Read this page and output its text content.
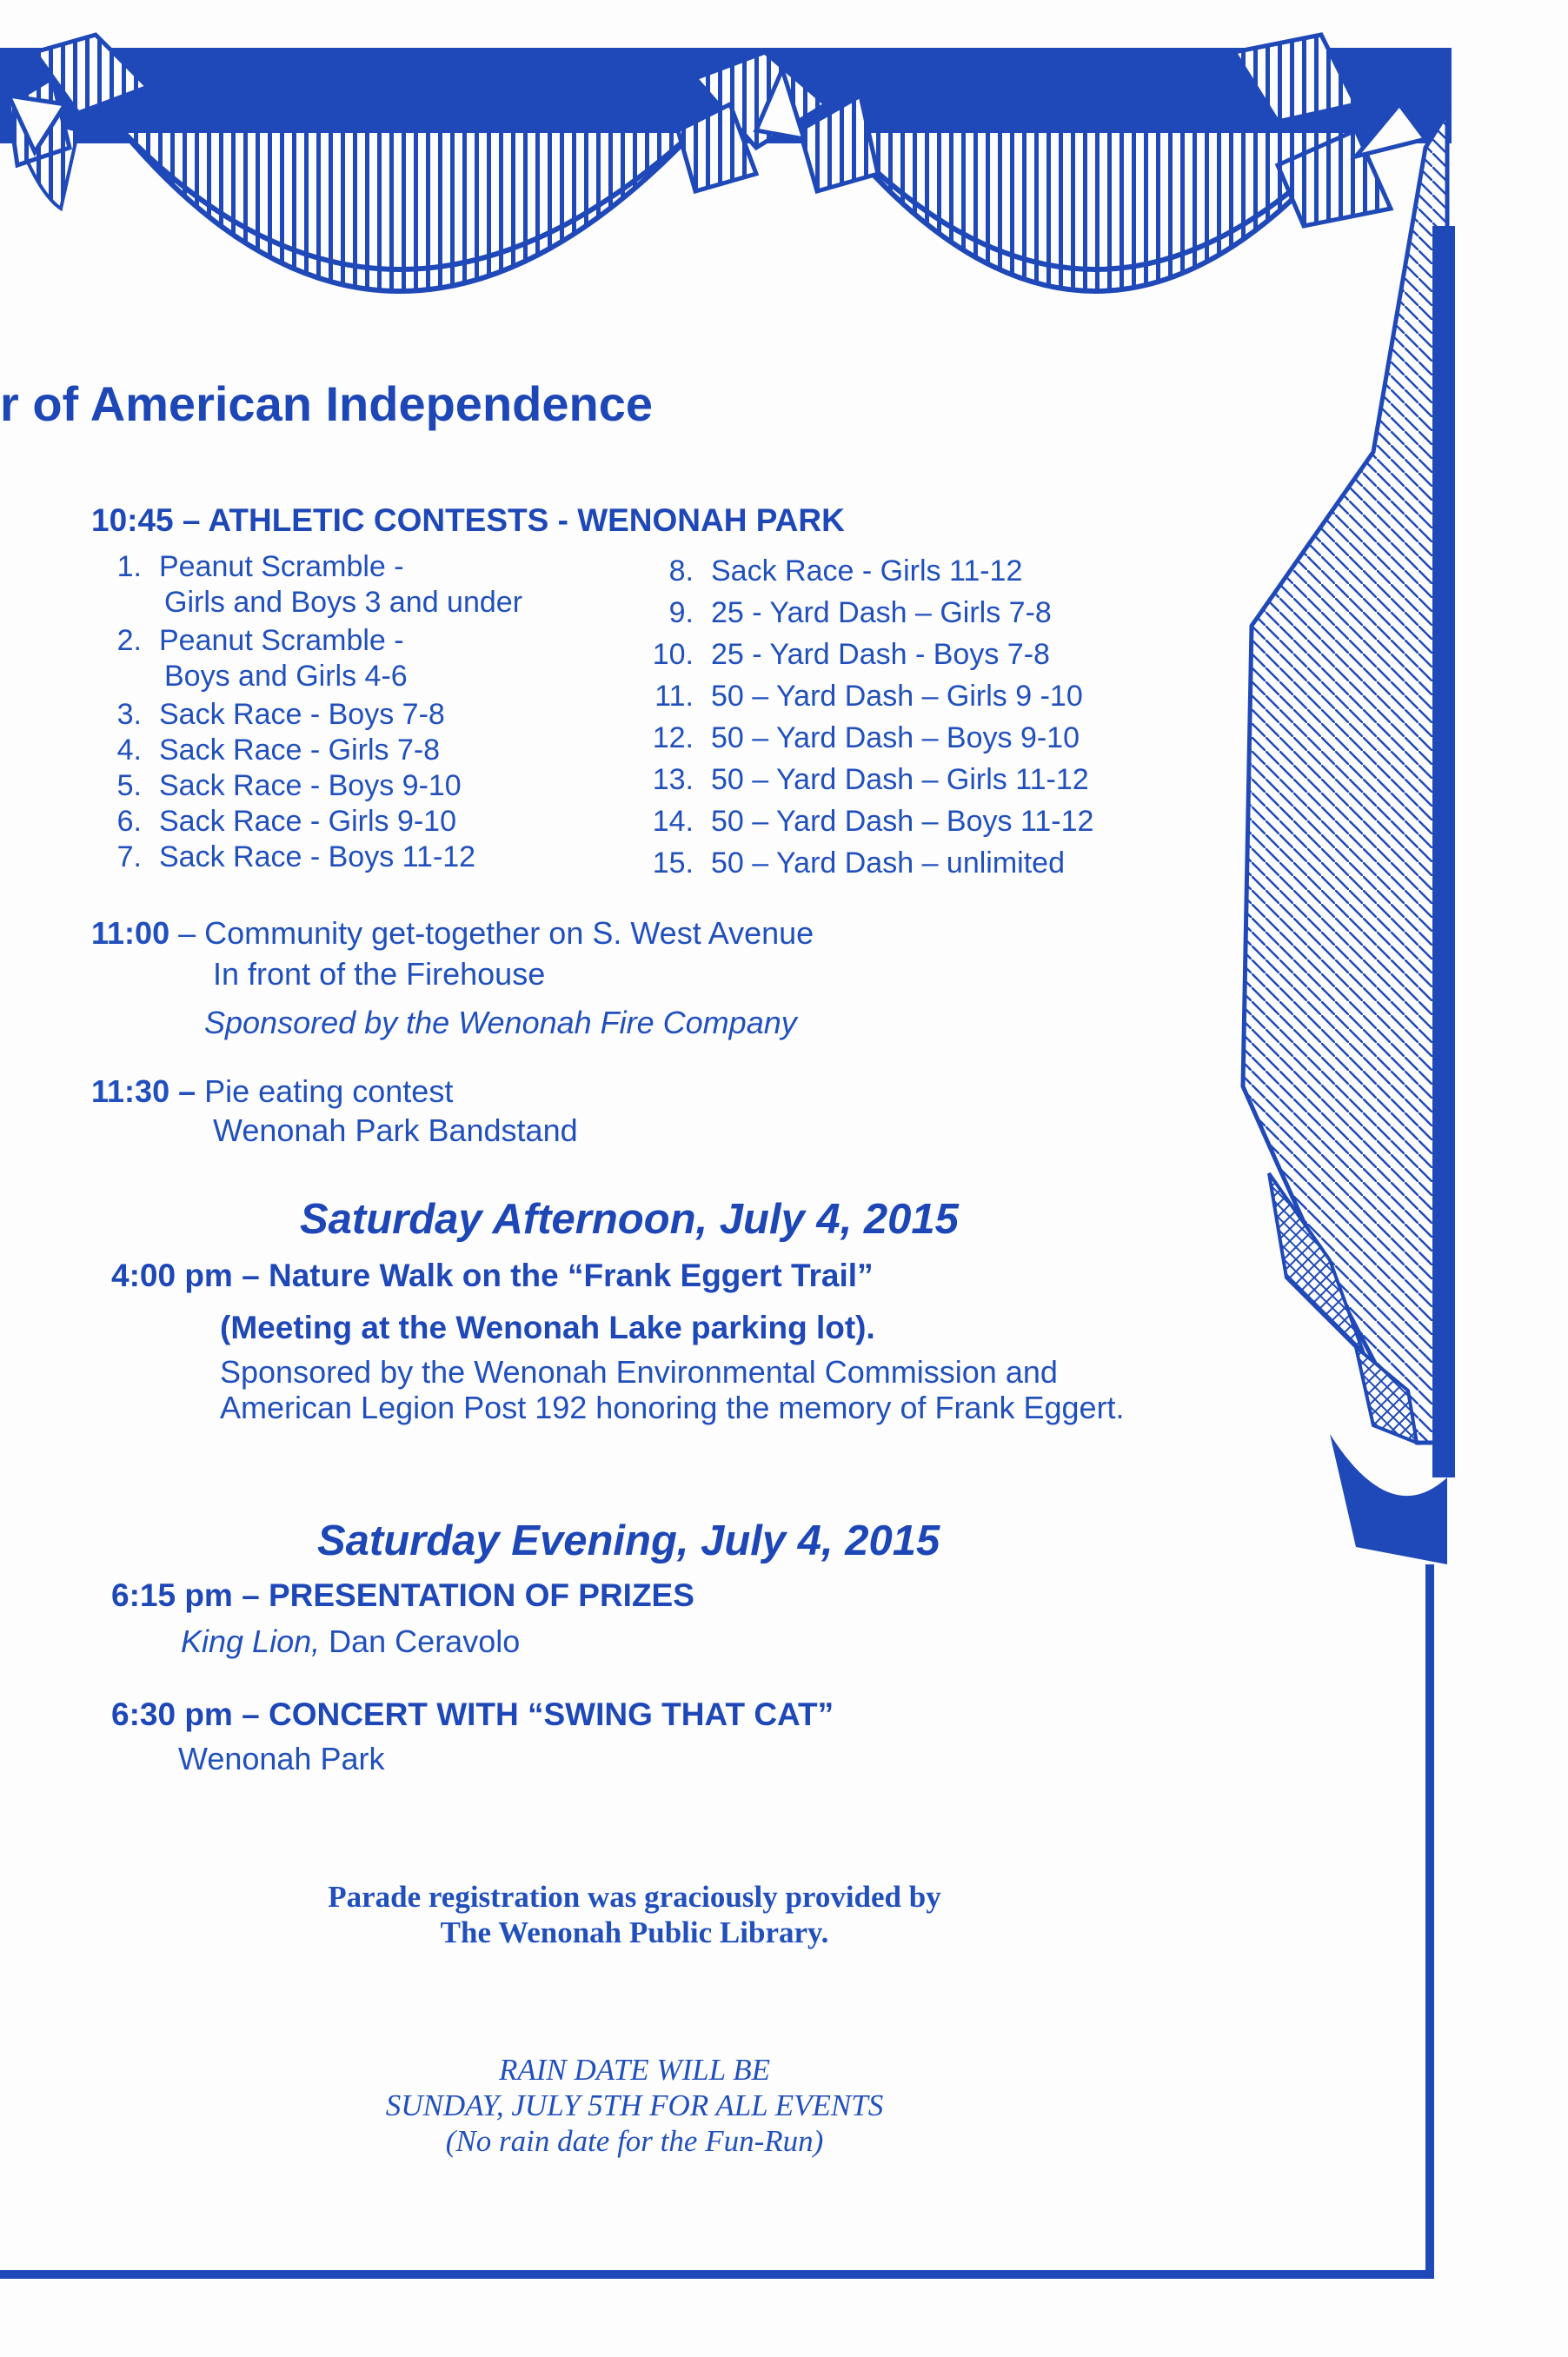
r of American Independence
10:45 – ATHLETIC CONTESTS - WENONAH PARK
1. Peanut Scramble -
Girls and Boys 3 and under
2. Peanut Scramble -
Boys and Girls 4-6
3. Sack Race - Boys 7-8
4. Sack Race - Girls 7-8
5. Sack Race - Boys 9-10
6. Sack Race - Girls 9-10
7. Sack Race - Boys 11-12
8. Sack Race - Girls 11-12
9. 25 - Yard Dash – Girls 7-8
10. 25 - Yard Dash - Boys 7-8
11. 50 – Yard Dash – Girls 9 -10
12. 50 – Yard Dash – Boys 9-10
13. 50 – Yard Dash – Girls 11-12
14. 50 – Yard Dash – Boys 11-12
15. 50 – Yard Dash – unlimited
11:00 – Community get-together on S. West Avenue
In front of the Firehouse
Sponsored by the Wenonah Fire Company
11:30 – Pie eating contest
Wenonah Park Bandstand
Saturday Afternoon, July 4, 2015
4:00 pm – Nature Walk on the “Frank Eggert Trail”
(Meeting at the Wenonah Lake parking lot).
Sponsored by the Wenonah Environmental Commission and
American Legion Post 192 honoring the memory of Frank Eggert.
Saturday Evening, July 4, 2015
6:15 pm – PRESENTATION OF PRIZES
King Lion, Dan Ceravolo
6:30 pm – CONCERT WITH “SWING THAT CAT”
Wenonah Park
Parade registration was graciously provided by
The Wenonah Public Library.
RAIN DATE WILL BE
SUNDAY, JULY 5TH FOR ALL EVENTS
(No rain date for the Fun-Run)
